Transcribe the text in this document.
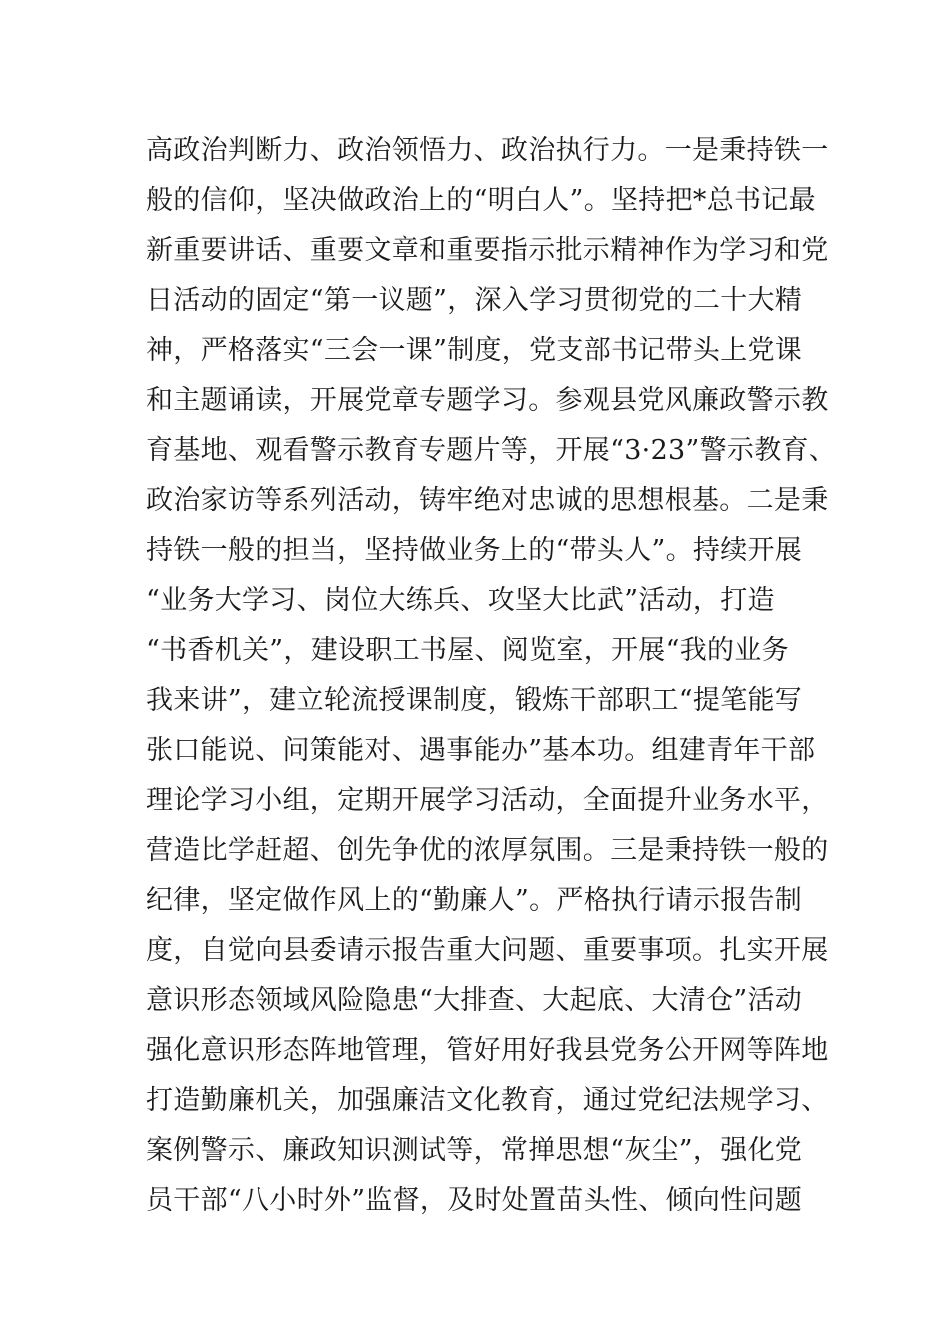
高政治判断力、政治领悟力、政治执行力。一是秉持铁一
般的信仰，坚决做政治上的“明白人”。坚持把*总书记最
新重要讲话、重要文章和重要指示批示精神作为学习和党
日活动的固定“第一议题”，深入学习贯彻党的二十大精
神，严格落实“三会一课”制度，党支部书记带头上党课
和主题诵读，开展党章专题学习。参观县党风廉政警示教
育基地、观看警示教育专题片等，开展“3·23”警示教育、
政治家访等系列活动，铸牢绝对忠诚的思想根基。二是秉
持铁一般的担当，坚持做业务上的“带头人”。持续开展
“业务大学习、岗位大练兵、攻坚大比武”活动，打造
“书香机关”，建设职工书屋、阅览室，开展“我的业务
我来讲”，建立轮流授课制度，锻炼干部职工“提笔能写
张口能说、问策能对、遇事能办”基本功。组建青年干部
理论学习小组，定期开展学习活动，全面提升业务水平，
营造比学赶超、创先争优的浓厚氛围。三是秉持铁一般的
纪律，坚定做作风上的“勤廉人”。严格执行请示报告制
度，自觉向县委请示报告重大问题、重要事项。扎实开展
意识形态领域风险隐患“大排查、大起底、大清仓”活动
强化意识形态阵地管理，管好用好我县党务公开网等阵地
打造勤廉机关，加强廉洁文化教育，通过党纪法规学习、
案例警示、廉政知识测试等，常掸思想“灰尘”，强化党
员干部“八小时外”监督，及时处置苗头性、倾向性问题
